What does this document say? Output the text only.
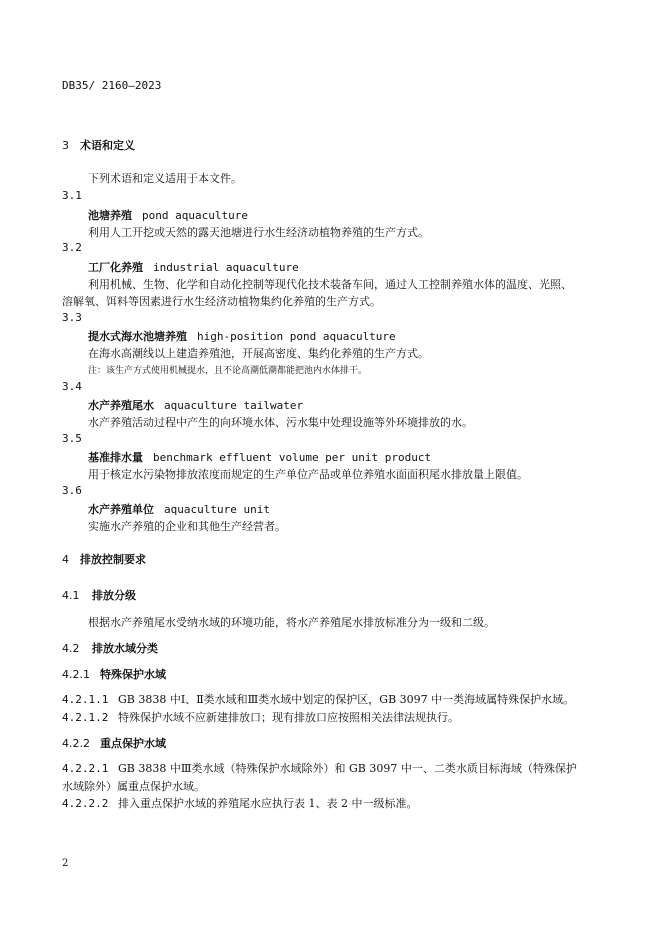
DB35/ 2160—2023
3 术语和定义
下列术语和定义适用于本文件。
3.1
池塘养殖 pond aquaculture
利用人工开挖或天然的露天池塘进行水生经济动植物养殖的生产方式。
3.2
工厂化养殖 industrial aquaculture
利用机械、生物、化学和自动化控制等现代化技术装备车间，通过人工控制养殖水体的温度、光照、
溶解氧、饵料等因素进行水生经济动植物集约化养殖的生产方式。
3.3
提水式海水池塘养殖 high-position pond aquaculture
在海水高潮线以上建造养殖池，开展高密度、集约化养殖的生产方式。
注：该生产方式使用机械提水，且不论高潮低潮都能把池内水体排干。
3.4
水产养殖尾水 aquaculture tailwater
水产养殖活动过程中产生的向环境水体、污水集中处理设施等外环境排放的水。
3.5
基准排水量 benchmark effluent volume per unit product
用于核定水污染物排放浓度而规定的生产单位产品或单位养殖水面面积尾水排放量上限值。
3.6
水产养殖单位 aquaculture unit
实施水产养殖的企业和其他生产经营者。
4 排放控制要求
4.1 排放分级
根据水产养殖尾水受纳水域的环境功能，将水产养殖尾水排放标准分为一级和二级。
4.2 排放水域分类
4.2.1 特殊保护水域
4.2.1.1 GB 3838 中Ⅰ、Ⅱ类水域和Ⅲ类水域中划定的保护区，GB 3097 中一类海域属特殊保护水域。
4.2.1.2 特殊保护水域不应新建排放口；现有排放口应按照相关法律法规执行。
4.2.2 重点保护水域
4.2.2.1 GB 3838 中Ⅲ类水域（特殊保护水域除外）和 GB 3097 中一、二类水质目标海域（特殊保护
水域除外）属重点保护水域。
4.2.2.2 排入重点保护水域的养殖尾水应执行表 1、表 2 中一级标准。
2
